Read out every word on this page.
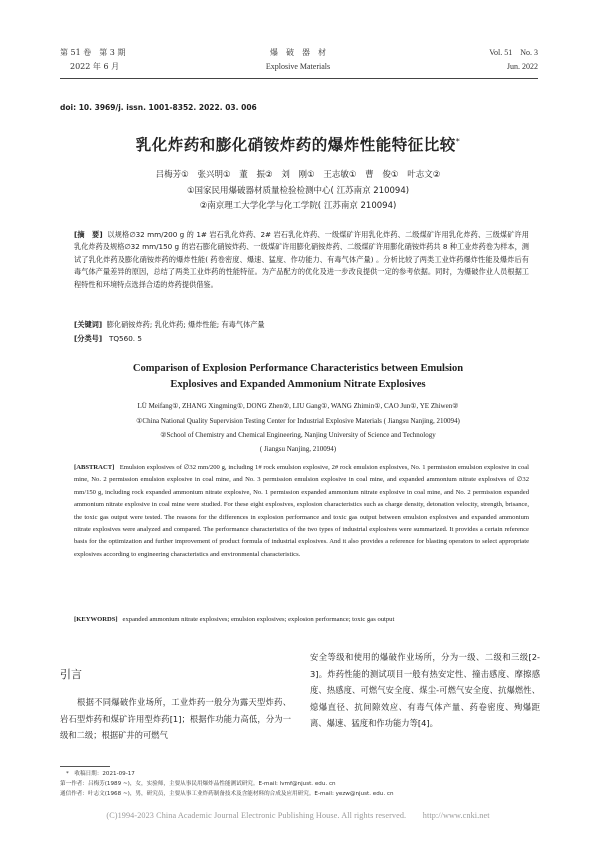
第 51 卷　第 3 期
2022 年 6 月
爆　破　器　材
Explosive Materials
Vol. 51　No. 3
Jun. 2022
doi: 10. 3969/j. issn. 1001-8352. 2022. 03. 006
乳化炸药和膨化硝铵炸药的爆炸性能特征比较*
吕梅芳① 张兴明① 董 振② 刘 刚① 王志敏① 曹 俊① 叶志文②
①国家民用爆破器材质量检验检测中心( 江苏南京 210094)
②南京理工大学化学与化工学院( 江苏南京 210094)
[摘　要] 以规格∅32 mm/200 g 的 1# 岩石乳化炸药、2# 岩石乳化炸药、一级煤矿许用乳化炸药、二级煤矿许用乳化炸药、三级煤矿许用乳化炸药及规格∅32 mm/150 g 的岩石膨化硝铵炸药、一级煤矿许用膨化硝铵炸药、二级煤矿许用膨化硝铵炸药共 8 种工业炸药卷为样本，测试了乳化炸药及膨化硝铵炸药的爆炸性能( 药卷密度、爆速、猛度、作功能力、有毒气体产量) 。分析比较了两类工业炸药爆炸性能及爆炸后有毒气体产量差异的原因，总结了两类工业炸药的性能特征。为产品配方的优化及进一步改良提供一定的参考依据。同时，为爆破作业人员根据工程特性和环境特点选择合适的炸药提供借鉴。
[关键词] 膨化硝铵炸药; 乳化炸药; 爆炸性能; 有毒气体产量
[分类号] TQ560. 5
Comparison of Explosion Performance Characteristics between Emulsion
Explosives and Expanded Ammonium Nitrate Explosives
LÜ Meifang①, ZHANG Xingming①, DONG Zhen②, LIU Gang①, WANG Zhimin①, CAO Jun①, YE Zhiwen②
①China National Quality Supervision Testing Center for Industrial Explosive Materials ( Jiangsu Nanjing, 210094)
②School of Chemistry and Chemical Engineering, Nanjing University of Science and Technology
( Jiangsu Nanjing, 210094)
[ABSTRACT] Emulsion explosives of ∅32 mm/200 g, including 1# rock emulsion explosive, 2# rock emulsion explosives, No. 1 permission emulsion explosive in coal mine, No. 2 permission emulsion explosive in coal mine, and No. 3 permission emulsion explosive in coal mine, and expanded ammonium nitrate explosives of ∅32 mm/150 g, including rock expanded ammonium nitrate explosive, No. 1 permission expanded ammonium nitrate explosive in coal mine, and No. 2 permission expanded ammonium nitrate explosive in coal mine were studied. For these eight explosives, explosion characteristics such as charge density, detonation velocity, strength, brisance, the toxic gas output were tested. The reasons for the differences in explosion performance and toxic gas output between emulsion explosives and expanded ammonium nitrate explosives were analyzed and compared. The performance characteristics of the two types of industrial explosives were summarized. It provides a certain reference basis for the optimization and further improvement of product formula of industrial explosives. And it also provides a reference for blasting operators to select appropriate explosives according to engineering characteristics and environmental characteristics.
[KEYWORDS] expanded ammonium nitrate explosives; emulsion explosives; explosion performance; toxic gas output
引言
根据不同爆破作业场所，工业炸药一般分为露天型炸药、岩石型炸药和煤矿许用型炸药[1]；根据作功能力高低，分为一级和二级；根据矿井的可燃气
安全等级和使用的爆破作业场所，分为一级、二级和三级[2-3]。炸药性能的测试项目一般有热安定性、撞击感度、摩擦感度、热感度、可燃气安全度、煤尘-可燃气安全度、抗爆燃性、熄爆直径、抗间隙效应、有毒气体产量、药卷密度、殉爆距离、爆速、猛度和作功能力等[4]。
*　收稿日期：2021-09-17
第一作者：吕梅芳(1989 ~)，女，实验师，主要从事民用爆炸品性能测试研究。E-mail: lvmf@njust. edu. cn
通信作者：叶志文(1968 ~)，男，研究员，主要从事工业炸药制备技术及含能材料的合成及应用研究。E-mail: yezw@njust. edu. cn
(C)1994-2023 China Academic Journal Electronic Publishing House. All rights reserved.　　http://www.cnki.net
